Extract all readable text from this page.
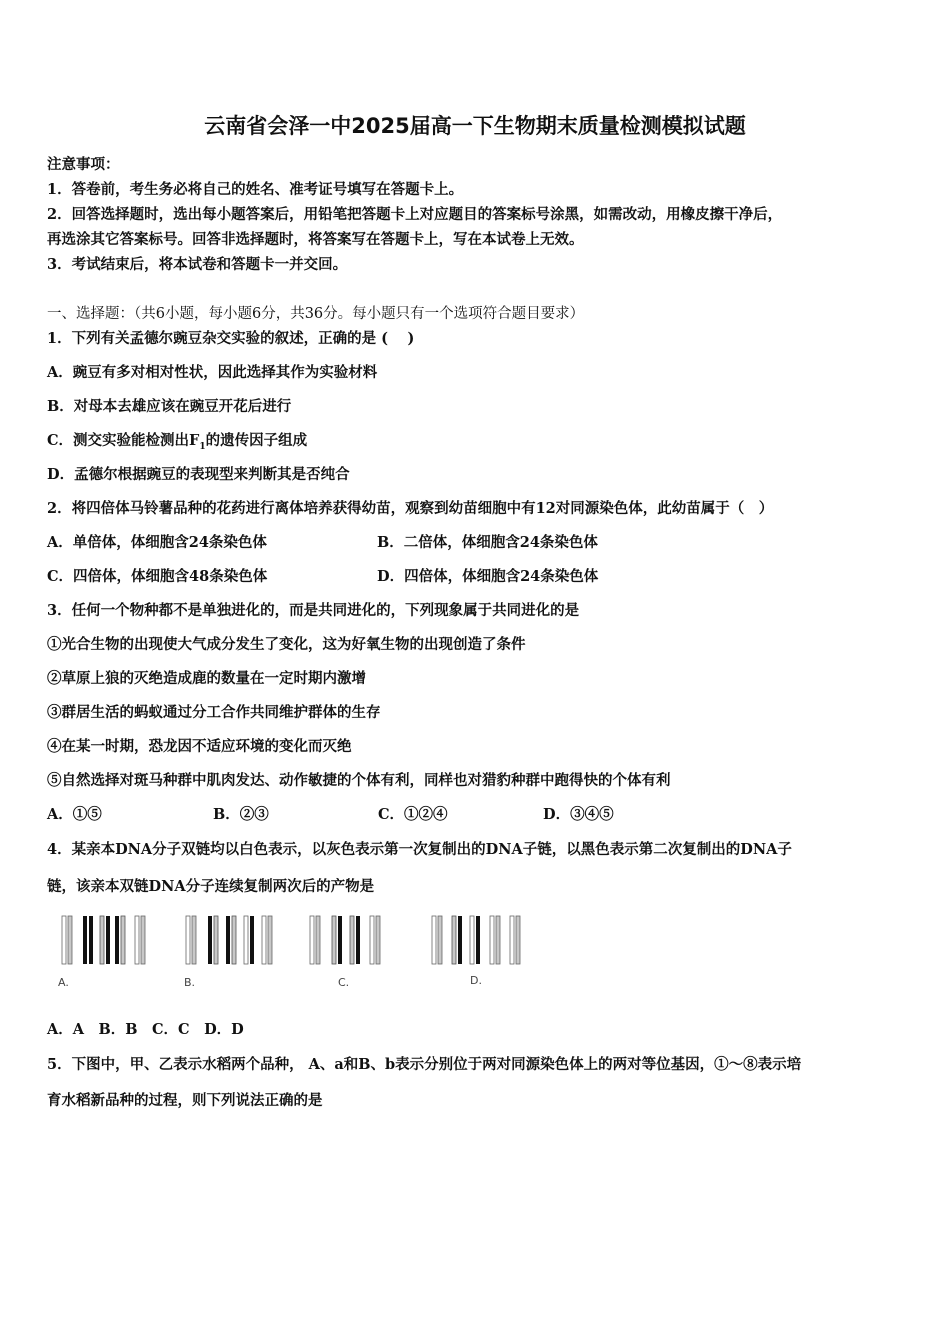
云南省会泽一中2025届高一下生物期末质量检测模拟试题
注意事项：
1．答卷前，考生务必将自己的姓名、准考证号填写在答题卡上。
2．回答选择题时，选出每小题答案后，用铅笔把答题卡上对应题目的答案标号涂黑，如需改动，用橡皮擦干净后，
再选涂其它答案标号。回答非选择题时，将答案写在答题卡上，写在本试卷上无效。
3．考试结束后，将本试卷和答题卡一并交回。
一、选择题：（共6小题，每小题6分，共36分。每小题只有一个选项符合题目要求）
1．下列有关孟德尔豌豆杂交实验的叙述，正确的是 (　 )
A．豌豆有多对相对性状，因此选择其作为实验材料
B．对母本去雄应该在豌豆开花后进行
C．测交实验能检测出$F_1$的遗传因子组成
D．孟德尔根据豌豆的表现型来判断其是否纯合
2．将四倍体马铃薯品种的花药进行离体培养获得幼苗，观察到幼苗细胞中有12对同源染色体，此幼苗属于（　）
A．单倍体，体细胞含24条染色体	B．二倍体，体细胞含24条染色体
C．四倍体，体细胞含48条染色体	D．四倍体，体细胞含24条染色体
3．任何一个物种都不是单独进化的，而是共同进化的，下列现象属于共同进化的是
①光合生物的出现使大气成分发生了变化，这为好氧生物的出现创造了条件
②草原上狼的灭绝造成鹿的数量在一定时期内激增
③群居生活的蚂蚁通过分工合作共同维护群体的生存
④在某一时期，恐龙因不适应环境的变化而灭绝
⑤自然选择对斑马种群中肌肉发达、动作敏捷的个体有利，同样也对猎豹种群中跑得快的个体有利
A．①⑤	B．②③	C．①②④	D．③④⑤
4．某亲本DNA分子双链均以白色表示，以灰色表示第一次复制出的DNA子链，以黑色表示第二次复制出的DNA子
链，该亲本双链DNA分子连续复制两次后的产物是
A.	B.	C.	D.
A．A　B．B　C．C　D．D
5．下图中，甲、乙表示水稻两个品种， A、a和B、b表示分别位于两对同源染色体上的两对等位基因，①～⑧表示培
育水稻新品种的过程，则下列说法正确的是
